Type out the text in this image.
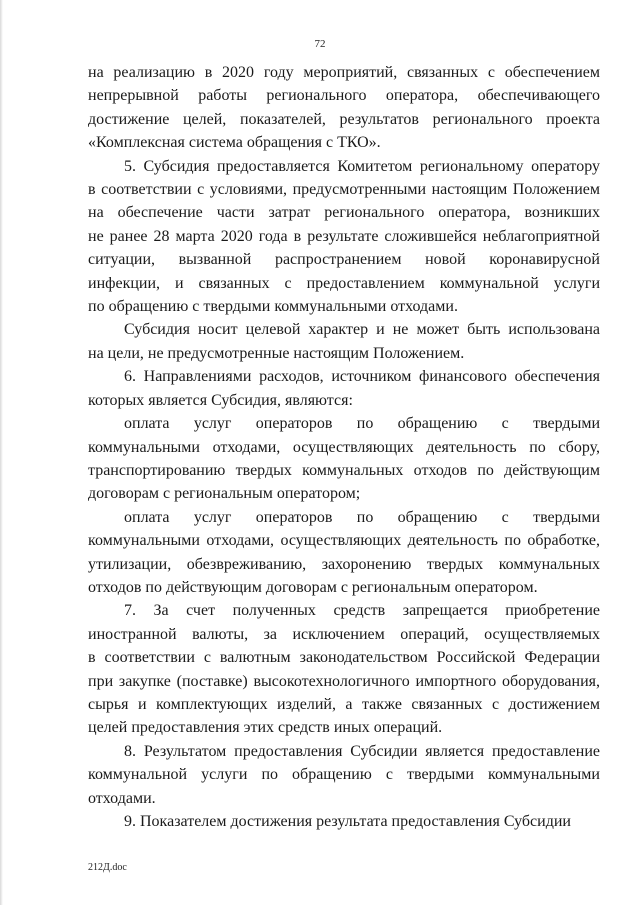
72

на реализацию в 2020 году мероприятий, связанных с обеспечением
непрерывной работы регионального оператора, обеспечивающего
достижение целей, показателей, результатов регионального проекта
«Комплексная система обращения с ТКО».

5. Субсидия предоставляется Комитетом региональному оператору
в соответствии с условиями, предусмотренными настоящим Положением
на обеспечение части затрат регионального оператора, возникших
не ранее 28 марта 2020 года в результате сложившейся неблагоприятной
ситуации, вызванной распространением новой коронавирусной
инфекции, и связанных с предоставлением коммунальной услуги
по обращению с твердыми коммунальными отходами.

Субсидия носит целевой характер и не может быть использована
на цели, не предусмотренные настоящим Положением.

6. Направлениями расходов, источником финансового обеспечения
которых является Субсидия, являются:

оплата услуг операторов по обращению с твердыми
коммунальными отходами, осуществляющих деятельность по сбору,
транспортированию твердых коммунальных отходов по действующим
договорам с региональным оператором;

оплата услуг операторов по обращению с твердыми
коммунальными отходами, осуществляющих деятельность по обработке,
утилизации, обезвреживанию, захоронению твердых коммунальных
отходов по действующим договорам с региональным оператором.

7. За счет полученных средств запрещается приобретение
иностранной валюты, за исключением операций, осуществляемых
в соответствии с валютным законодательством Российской Федерации
при закупке (поставке) высокотехнологичного импортного оборудования,
сырья и комплектующих изделий, а также связанных с достижением
целей предоставления этих средств иных операций.

8. Результатом предоставления Субсидии является предоставление
коммунальной услуги по обращению с твердыми коммунальными
отходами.

9. Показателем достижения результата предоставления Субсидии

212Д.doc
